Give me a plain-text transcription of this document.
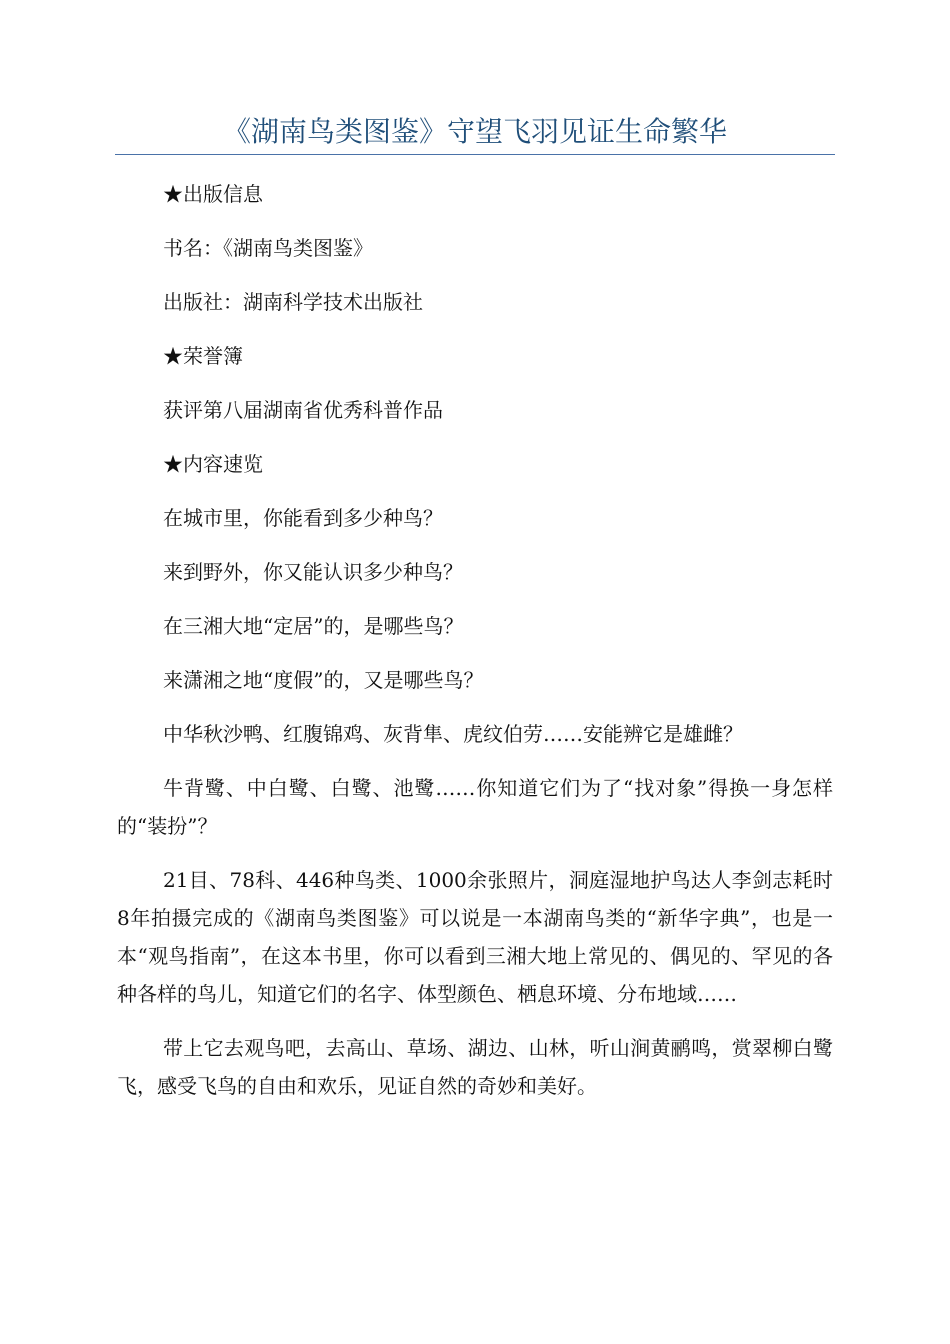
《湖南鸟类图鉴》守望飞羽见证生命繁华
★出版信息
书名：《湖南鸟类图鉴》
出版社：湖南科学技术出版社
★荣誉簿
获评第八届湖南省优秀科普作品
★内容速览
在城市里，你能看到多少种鸟？
来到野外，你又能认识多少种鸟？
在三湘大地“定居”的，是哪些鸟？
来潇湘之地“度假”的，又是哪些鸟？
中华秋沙鸭、红腹锦鸡、灰背隼、虎纹伯劳……安能辨它是雄雌？

牛背鹭、中白鹭、白鹭、池鹭……你知道它们为了“找对象”得换一身怎样的“装扮”？

21目、78科、446种鸟类、1000余张照片，洞庭湿地护鸟达人李剑志耗时8年拍摄完成的《湖南鸟类图鉴》可以说是一本湖南鸟类的“新华字典”，也是一本“观鸟指南”，在这本书里，你可以看到三湘大地上常见的、偶见的、罕见的各种各样的鸟儿，知道它们的名字、体型颜色、栖息环境、分布地域……

带上它去观鸟吧，去高山、草场、湖边、山林，听山涧黄鹂鸣，赏翠柳白鹭飞，感受飞鸟的自由和欢乐，见证自然的奇妙和美好。
